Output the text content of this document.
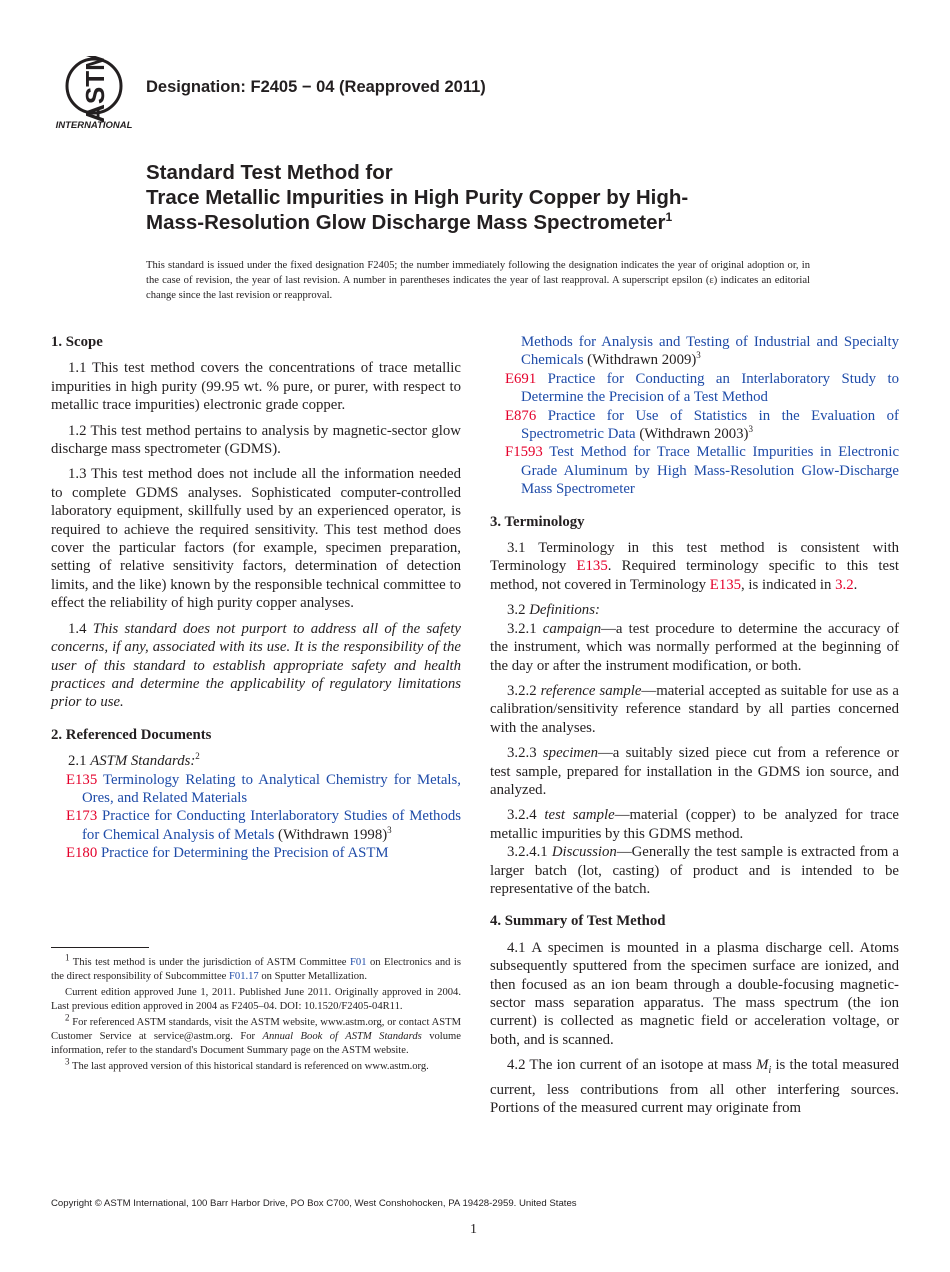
ASTM
INTERNATIONAL
Designation: F2405 − 04 (Reapproved 2011)
Standard Test Method for
Trace Metallic Impurities in High Purity Copper by High-
Mass-Resolution Glow Discharge Mass Spectrometer$^1$
This standard is issued under the fixed designation F2405; the number immediately following the designation indicates the year of original adoption or, in the case of revision, the year of last revision. A number in parentheses indicates the year of last reapproval. A superscript epsilon (ε) indicates an editorial change since the last revision or reapproval.
1. Scope

1.1 This test method covers the concentrations of trace metallic impurities in high purity (99.95 wt. % pure, or purer, with respect to metallic trace impurities) electronic grade copper.

1.2 This test method pertains to analysis by magnetic-sector glow discharge mass spectrometer (GDMS).

1.3 This test method does not include all the information needed to complete GDMS analyses. Sophisticated computer-controlled laboratory equipment, skillfully used by an experienced operator, is required to achieve the required sensitivity. This test method does cover the particular factors (for example, specimen preparation, setting of relative sensitivity factors, determination of detection limits, and the like) known by the responsible technical committee to effect the reliability of high purity copper analyses.

1.4 This standard does not purport to address all of the safety concerns, if any, associated with its use. It is the responsibility of the user of this standard to establish appropriate safety and health practices and determine the applicability of regulatory limitations prior to use.

2. Referenced Documents

2.1 ASTM Standards:$^2$

E135 Terminology Relating to Analytical Chemistry for Metals, Ores, and Related Materials
E173 Practice for Conducting Interlaboratory Studies of Methods for Chemical Analysis of Metals (Withdrawn 1998)$^3$
E180 Practice for Determining the Precision of ASTM
Methods for Analysis and Testing of Industrial and Specialty Chemicals (Withdrawn 2009)$^3$
E691 Practice for Conducting an Interlaboratory Study to Determine the Precision of a Test Method
E876 Practice for Use of Statistics in the Evaluation of Spectrometric Data (Withdrawn 2003)$^3$
F1593 Test Method for Trace Metallic Impurities in Electronic Grade Aluminum by High Mass-Resolution Glow-Discharge Mass Spectrometer
3. Terminology

3.1 Terminology in this test method is consistent with Terminology E135. Required terminology specific to this test method, not covered in Terminology E135, is indicated in 3.2.

3.2 Definitions:

3.2.1 campaign—a test procedure to determine the accuracy of the instrument, which was normally performed at the beginning of the day or after the instrument modification, or both.

3.2.2 reference sample—material accepted as suitable for use as a calibration/sensitivity reference standard by all parties concerned with the analyses.

3.2.3 specimen—a suitably sized piece cut from a reference or test sample, prepared for installation in the GDMS ion source, and analyzed.

3.2.4 test sample—material (copper) to be analyzed for trace metallic impurities by this GDMS method.

3.2.4.1 Discussion—Generally the test sample is extracted from a larger batch (lot, casting) of product and is intended to be representative of the batch.

4. Summary of Test Method

4.1 A specimen is mounted in a plasma discharge cell. Atoms subsequently sputtered from the specimen surface are ionized, and then focused as an ion beam through a double-focusing magnetic-sector mass separation apparatus. The mass spectrum (the ion current) is collected as magnetic field or acceleration voltage, or both, and is scanned.

4.2 The ion current of an isotope at mass $M_i$ is the total measured current, less contributions from all other interfering sources. Portions of the measured current may originate from

$^1$ This test method is under the jurisdiction of ASTM Committee F01 on Electronics and is the direct responsibility of Subcommittee F01.17 on Sputter Metallization.

Current edition approved June 1, 2011. Published June 2011. Originally approved in 2004. Last previous edition approved in 2004 as F2405–04. DOI: 10.1520/F2405-04R11.

$^2$ For referenced ASTM standards, visit the ASTM website, www.astm.org, or contact ASTM Customer Service at service@astm.org. For Annual Book of ASTM Standards volume information, refer to the standard's Document Summary page on the ASTM website.

$^3$ The last approved version of this historical standard is referenced on www.astm.org.

Copyright © ASTM International, 100 Barr Harbor Drive, PO Box C700, West Conshohocken, PA 19428-2959. United States
1
